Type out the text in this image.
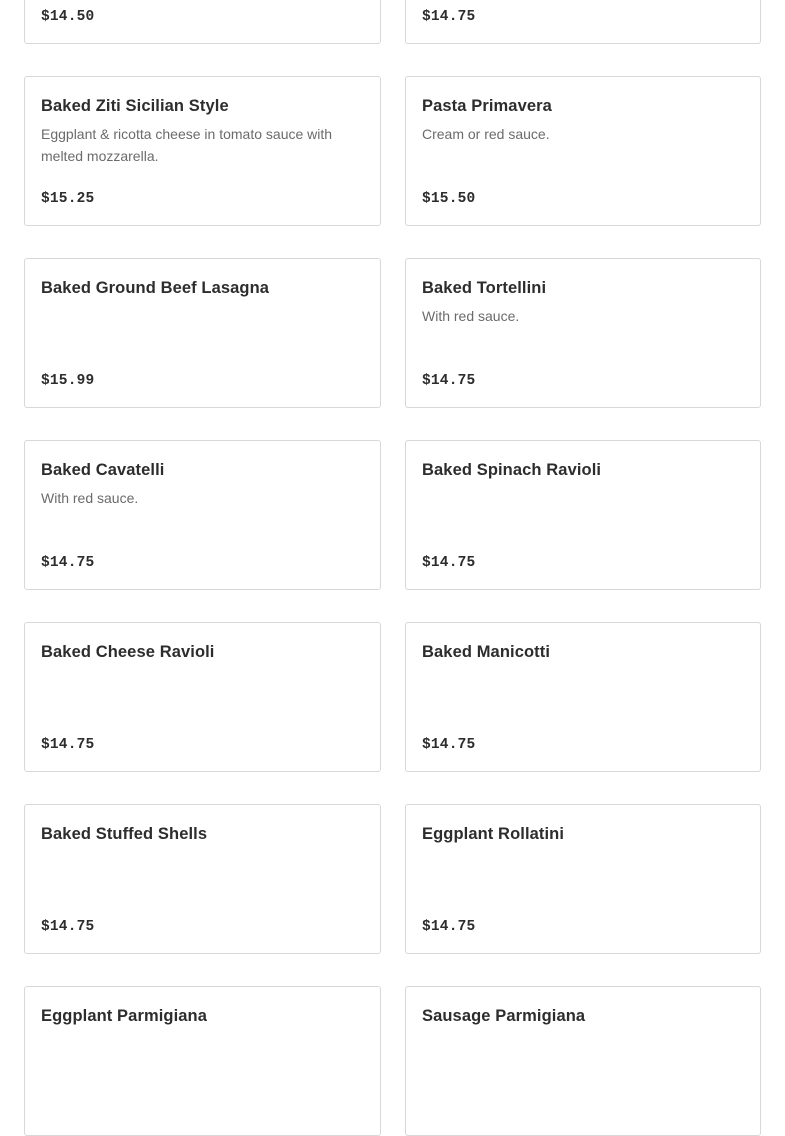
$14.50	$14.75
Baked Ziti Sicilian Style
Eggplant & ricotta cheese in tomato sauce with melted mozzarella.
$15.25
Pasta Primavera
Cream or red sauce.
$15.50
Baked Ground Beef Lasagna
$15.99
Baked Tortellini
With red sauce.
$14.75
Baked Cavatelli
With red sauce.
$14.75
Baked Spinach Ravioli
$14.75
Baked Cheese Ravioli
$14.75
Baked Manicotti
$14.75
Baked Stuffed Shells
$14.75
Eggplant Rollatini
$14.75
Eggplant Parmigiana	Sausage Parmigiana
